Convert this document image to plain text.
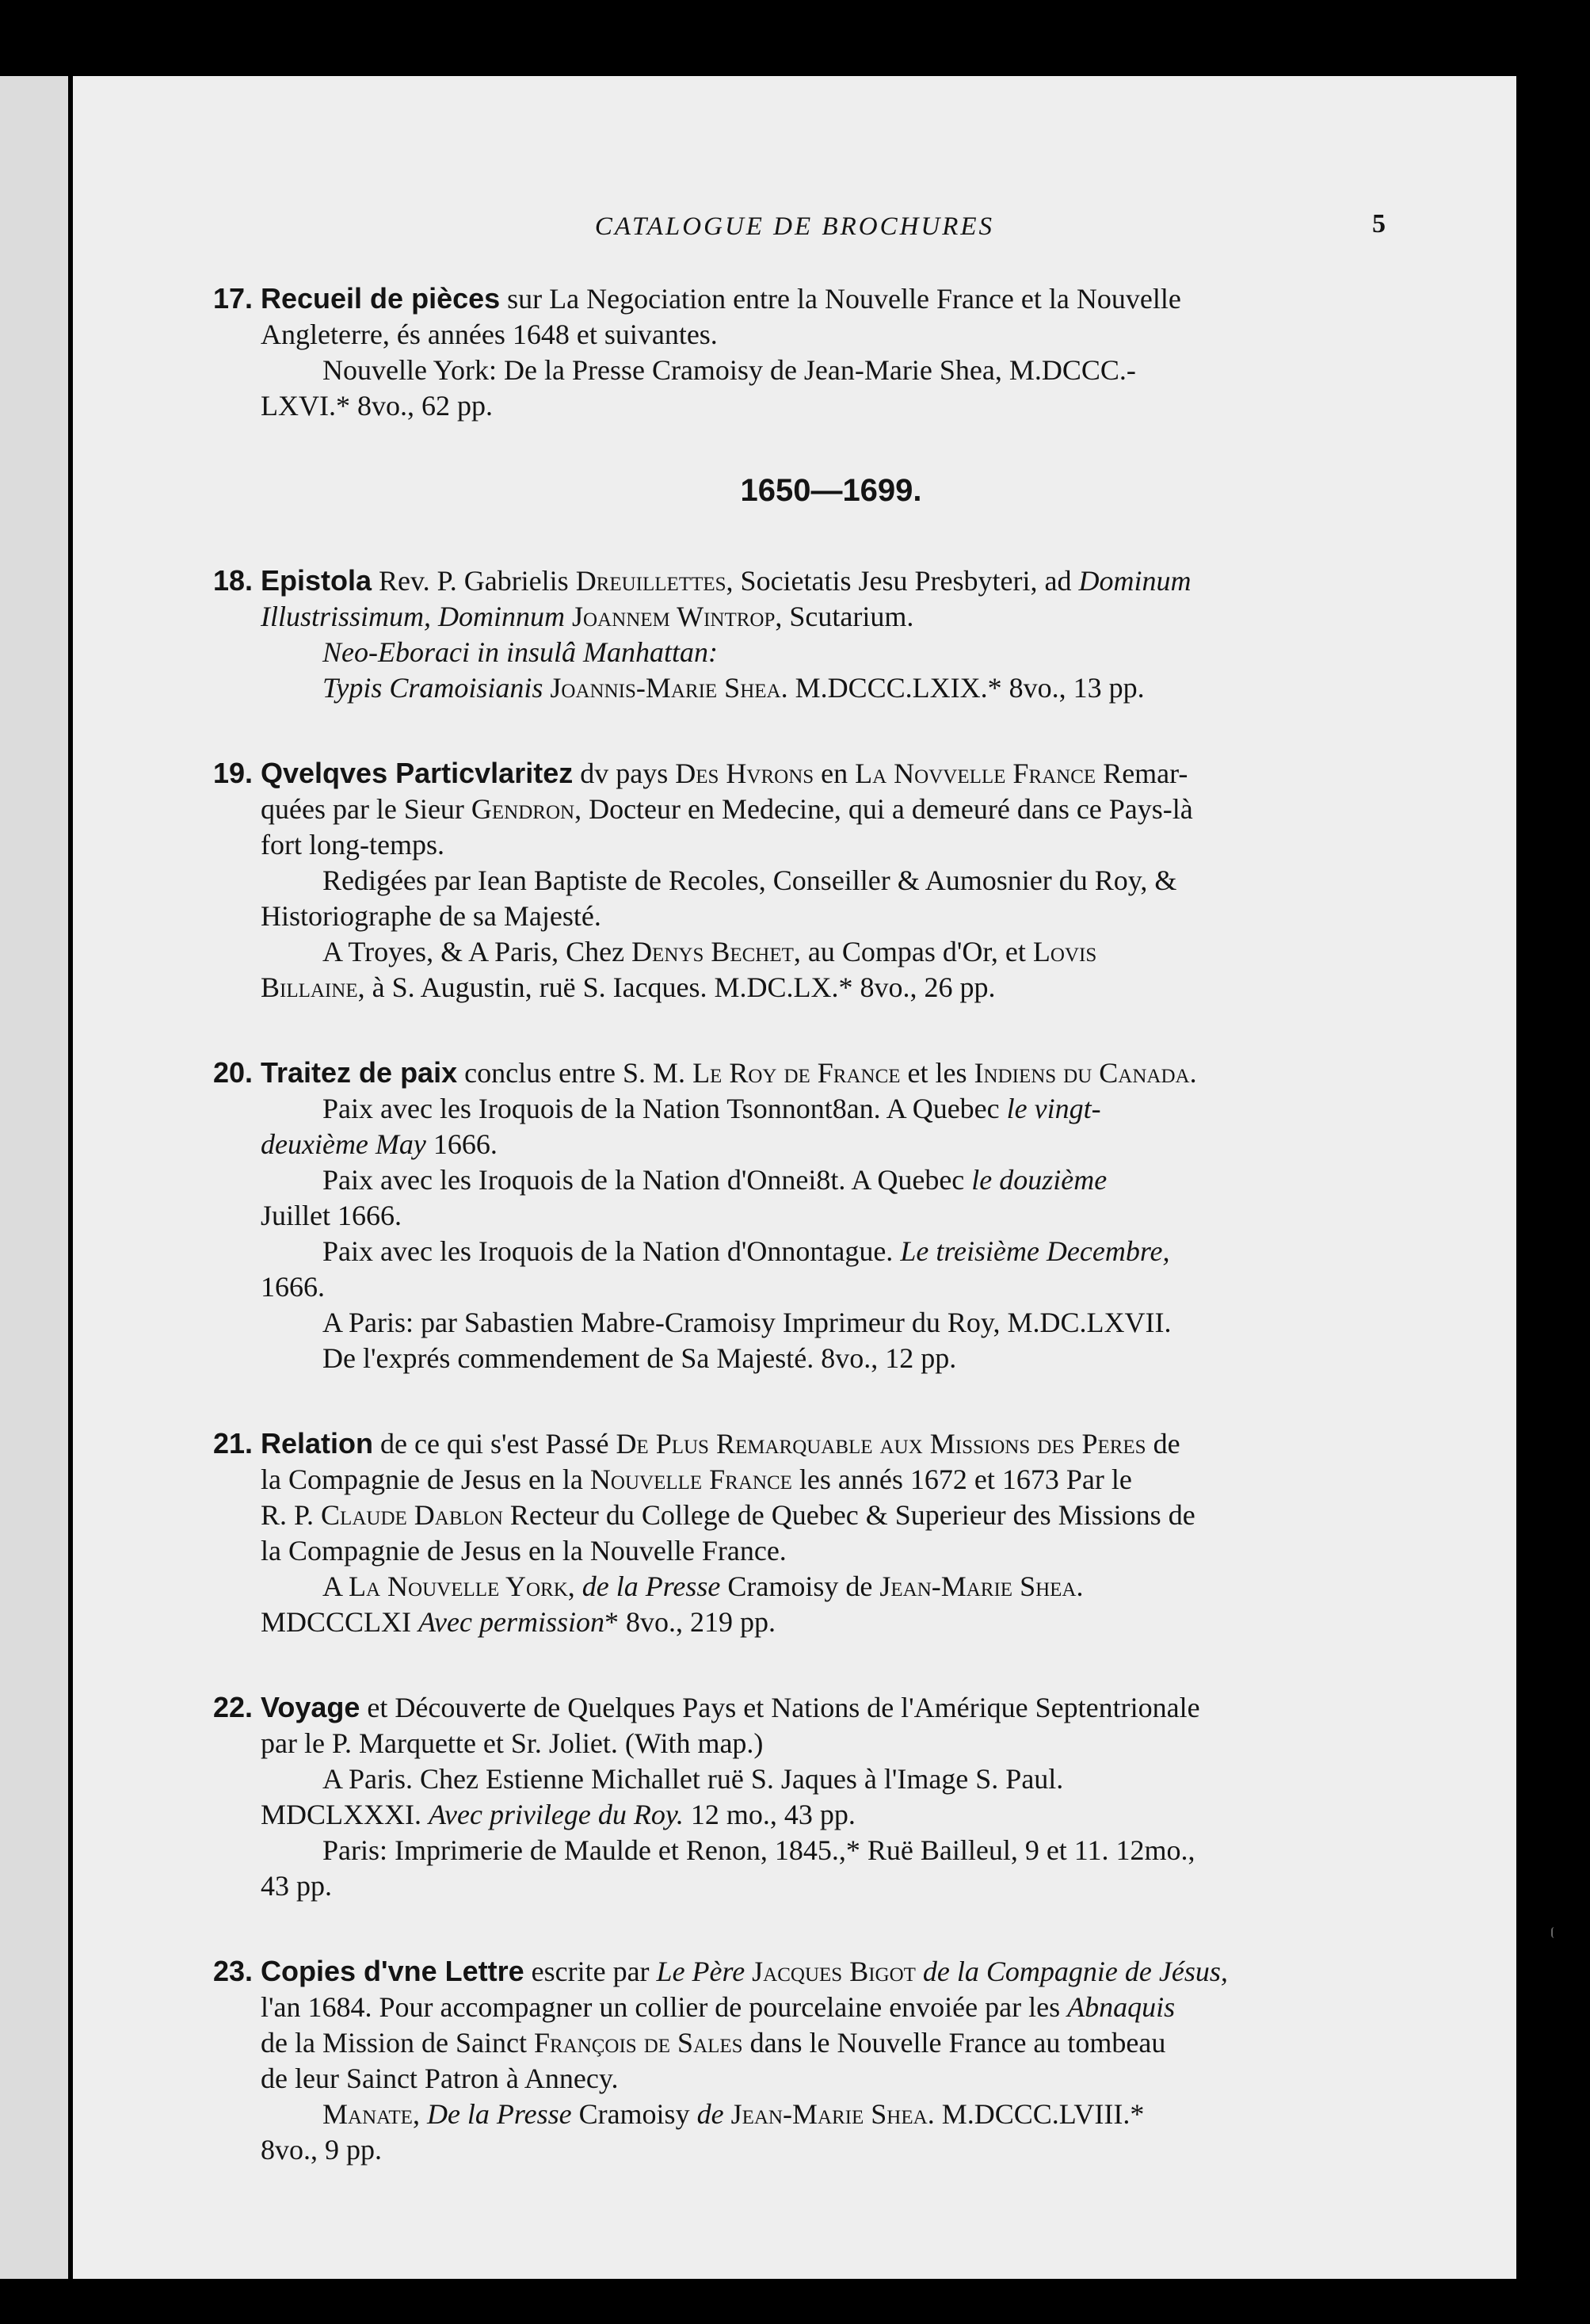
CATALOGUE DE BROCHURES	5
17. Recueil de pièces sur La Negociation entre la Nouvelle France et la Nouvelle
Angleterre, és années 1648 et suivantes.
Nouvelle York: De la Presse Cramoisy de Jean-Marie Shea, M.DCCC.-
LXVI.* 8vo., 62 pp.
1650—1699.
18. Epistola Rev. P. Gabrielis Dreuillettes, Societatis Jesu Presbyteri, ad Dominum
Illustrissimum, Dominnum Joannem Wintrop, Scutarium.
Neo-Eboraci in insulâ Manhattan:
Typis Cramoisianis Joannis-Marie Shea. M.DCCC.LXIX.* 8vo., 13 pp.
19. Qvelqves Particvlaritez dv pays Des Hvrons en La Novvelle France Remar-
quées par le Sieur Gendron, Docteur en Medecine, qui a demeuré dans ce Pays-là
fort long-temps.
Redigées par Iean Baptiste de Recoles, Conseiller & Aumosnier du Roy, &
Historiographe de sa Majesté.
A Troyes, & A Paris, Chez Denys Bechet, au Compas d'Or, et Lovis
Billaine, à S. Augustin, ruë S. Iacques. M.DC.LX.* 8vo., 26 pp.
20. Traitez de paix conclus entre S. M. Le Roy de France et les Indiens du Canada.
Paix avec les Iroquois de la Nation Tsonnont8an. A Quebec le vingt-
deuxième May 1666.
Paix avec les Iroquois de la Nation d'Onnei8t. A Quebec le douzième
Juillet 1666.
Paix avec les Iroquois de la Nation d'Onnontague. Le treisième Decembre,
1666.
A Paris: par Sabastien Mabre-Cramoisy Imprimeur du Roy, M.DC.LXVII.
De l'exprés commendement de Sa Majesté. 8vo., 12 pp.
21. Relation de ce qui s'est Passé De Plus Remarquable aux Missions des Peres de
la Compagnie de Jesus en la Nouvelle France les annés 1672 et 1673 Par le
R. P. Claude Dablon Recteur du College de Quebec & Superieur des Missions de
la Compagnie de Jesus en la Nouvelle France.
A La Nouvelle York, de la Presse Cramoisy de Jean-Marie Shea.
MDCCCLXI Avec permission* 8vo., 219 pp.
22. Voyage et Découverte de Quelques Pays et Nations de l'Amérique Septentrionale
par le P. Marquette et Sr. Joliet. (With map.)
A Paris. Chez Estienne Michallet ruë S. Jaques à l'Image S. Paul.
MDCLXXXI. Avec privilege du Roy. 12 mo., 43 pp.
Paris: Imprimerie de Maulde et Renon, 1845.,* Ruë Bailleul, 9 et 11. 12mo.,
43 pp.
23. Copies d'vne Lettre escrite par Le Père Jacques Bigot de la Compagnie de Jésus,
l'an 1684. Pour accompagner un collier de pourcelaine envoiée par les Abnaquis
de la Mission de Sainct François de Sales dans le Nouvelle France au tombeau
de leur Sainct Patron à Annecy.
Manate, De la Presse Cramoisy de Jean-Marie Shea. M.DCCC.LVIII.*
8vo., 9 pp.
